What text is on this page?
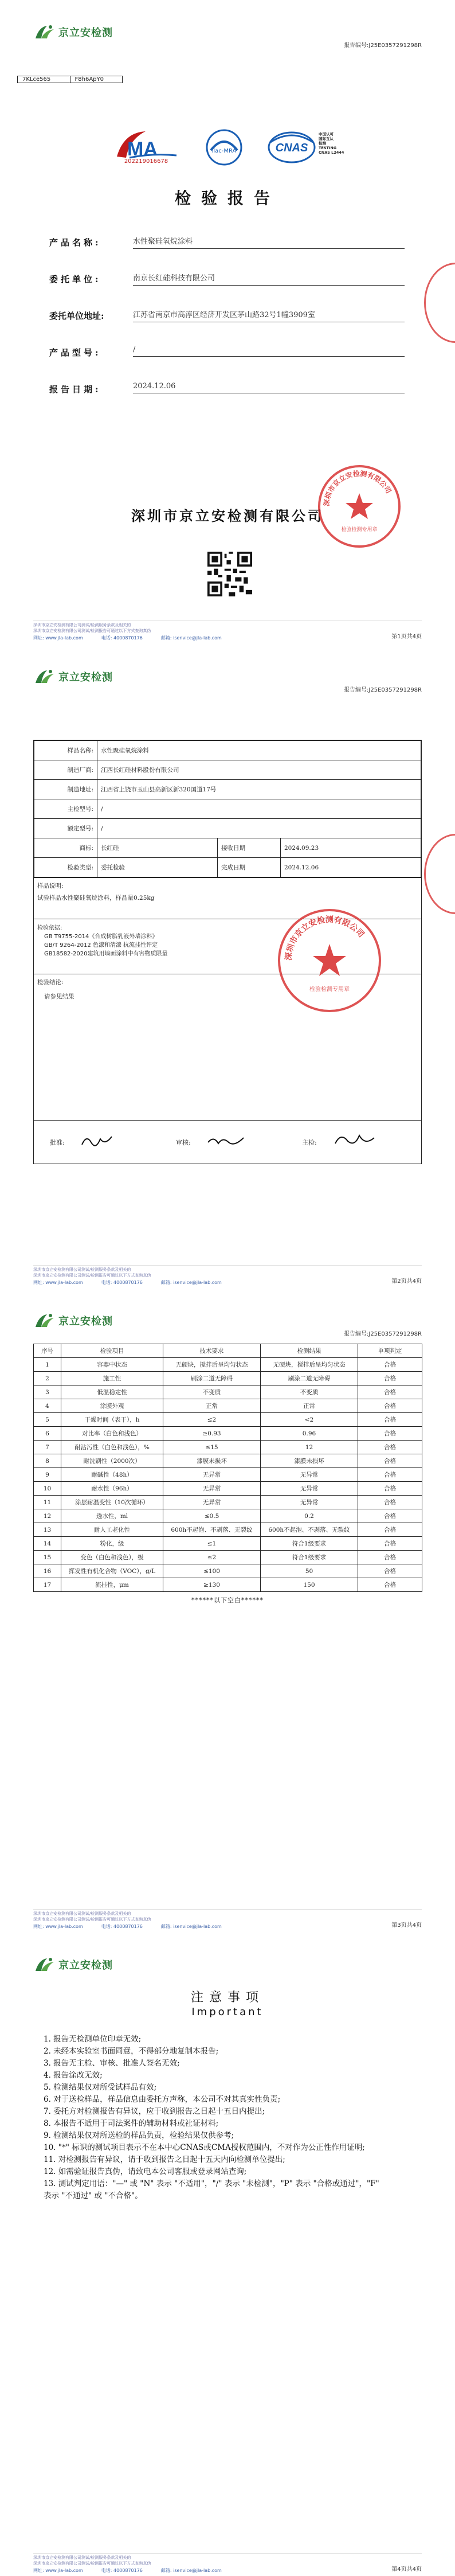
京立安检测
报告编号:J25E0357291298R
7KLce565	F8h6ApY0
MA
202219016678
ilac-MRA	CNAS
中国认可
国际互认
检测
TESTING
CNAS L2444
检验报告
产品名称:	水性聚硅氧烷涂料
委托单位:	南京长红硅科技有限公司
委托单位地址:	江苏省南京市高淳区经济开发区茅山路32号1幢3909室
产品型号:	/
报告日期:	2024.12.06
深圳市京立安检测有限公司
深圳市京立安检测有限公司
检验检测专用章
深圳市京立安检测有限公司测试/检测服务条款及相关的
深圳市京立安检测有限公司测试/检测报告可通过以下方式查询真伪
网址: www.jla-lab.com	电话: 4000870176	邮箱: isenvice@jla-lab.com	第1页共4页
京立安检测
报告编号:J25E0357291298R
样品名称:	水性聚硅氧烷涂料		
制造厂商:	江西长红硅材料股份有限公司		
制造地址:	江西省上饶市玉山县高新区新320国道17号		
主检型号:	/		
额定型号:	/		
商标:	长红硅	接收日期	2024.09.23
检验类型:	委托检验	完成日期	2024.12.06
样品说明:
试验样品水性聚硅氧烷涂料，样品量0.25kg
检验依据:
GB T9755-2014《合成树脂乳液外墙涂料》
GB/T 9264-2012 色漆和清漆 抗流挂性评定
GB18582-2020建筑用墙面涂料中有害物质限量
检验结论:
请参见结果
批准:	审核:	主检:
深圳市京立安检测有限公司
检验检测专用章
深圳市京立安检测有限公司测试/检测服务条款及相关的
深圳市京立安检测有限公司测试/检测报告可通过以下方式查询真伪
网址: www.jla-lab.com	电话: 4000870176	邮箱: isenvice@jla-lab.com	第2页共4页
京立安检测
报告编号:J25E0357291298R
序号	检验项目	技术要求	检测结果	单项判定
1	容器中状态	无硬块，搅拌后呈均匀状态	无硬块，搅拌后呈均匀状态	合格
2	施工性	刷涂二道无障碍	刷涂二道无障碍	合格
3	低温稳定性	不变质	不变质	合格
4	涂膜外观	正常	正常	合格
5	干燥时间（表干），h	≤2	<2	合格
6	对比率（白色和浅色）	≥0.93	0.96	合格
7	耐沾污性（白色和浅色），%	≤15	12	合格
8	耐洗刷性（2000次）	漆膜未损坏	漆膜未损坏	合格
9	耐碱性（48h）	无异常	无异常	合格
10	耐水性（96h）	无异常	无异常	合格
11	涂层耐温变性（10次循环）	无异常	无异常	合格
12	透水性，ml	≤0.5	0.2	合格
13	耐人工老化性	600h不起泡、不剥落、无裂纹	600h不起泡、不剥落、无裂纹	合格
14	粉化，级	≤1	符合1级要求	合格
15	变色（白色和浅色），级	≤2	符合1级要求	合格
16	挥发性有机化合物（VOC），g/L	≤100	50	合格
17	流挂性，μm	≥130	150	合格
******以下空白******
深圳市京立安检测有限公司测试/检测服务条款及相关的
深圳市京立安检测有限公司测试/检测报告可通过以下方式查询真伪
网址: www.jla-lab.com	电话: 4000870176	邮箱: isenvice@jla-lab.com	第3页共4页
京立安检测
注意事项
Important

1. 报告无检测单位印章无效;

2. 未经本实验室书面同意，不得部分地复制本报告;

3. 报告无主检、审核、批准人签名无效;

4. 报告涂改无效;

5. 检测结果仅对所受试样品有效;

6. 对于送检样品，样品信息由委托方声称，本公司不对其真实性负责;

7. 委托方对检测报告有异议，应于收到报告之日起十五日内提出;

8. 本报告不适用于司法案件的辅助材料或社证材料;

9. 检测结果仅对所送检的样品负责，检验结果仅供参考;

10. "*" 标识的测试项目表示不在本中心CNAS或CMA授权范围内，不对作为公正性作用证明;

11. 对检测报告有异议，请于收到报告之日起十五天内向检测单位提出;

12. 如需验证报告真伪，请致电本公司客服或登录网站查询;

13. 测试判定用语："—" 或 "N" 表示 "不适用"，"/" 表示 "未检测"，"P" 表示 "合格或通过"，"F" 表示 "不通过" 或 "不合格"。

深圳市京立安检测有限公司测试/检测服务条款及相关的
深圳市京立安检测有限公司测试/检测报告可通过以下方式查询真伪
网址: www.jla-lab.com	电话: 4000870176	邮箱: isenvice@jla-lab.com	第4页共4页
